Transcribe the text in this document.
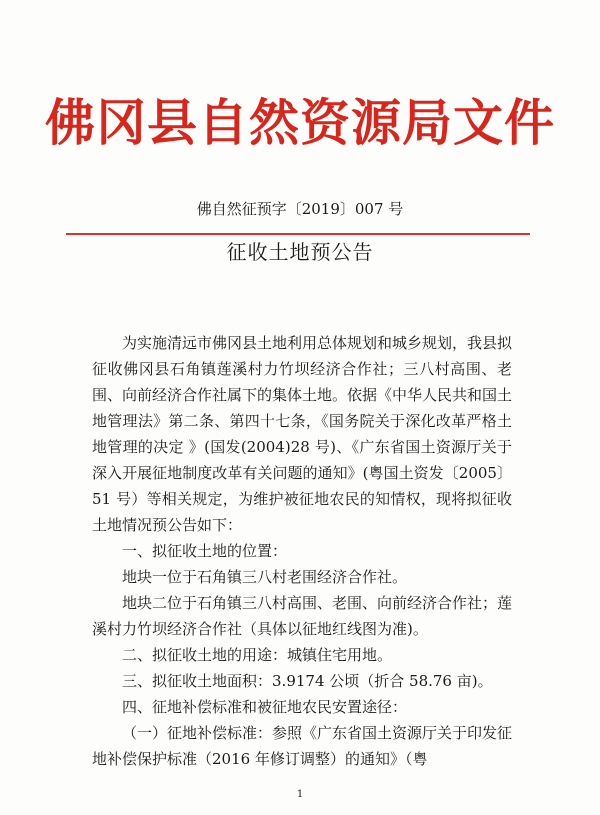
佛冈县自然资源局文件
佛自然征预字〔2019〕007 号
征收土地预公告

为实施清远市佛冈县土地利用总体规划和城乡规划，我县拟征收佛冈县石角镇莲溪村力竹坝经济合作社；三八村高围、老围、向前经济合作社属下的集体土地。依据《中华人民共和国土地管理法》第二条、第四十七条，《国务院关于深化改革严格土地管理的决定 》(国发(2004)28 号)、《广东省国土资源厅关于深入开展征地制度改革有关问题的通知》(粤国土资发〔2005〕51 号）等相关规定，为维护被征地农民的知情权，现将拟征收土地情况预公告如下：

一、拟征收土地的位置：

地块一位于石角镇三八村老围经济合作社。

地块二位于石角镇三八村高围、老围、向前经济合作社；莲溪村力竹坝经济合作社（具体以征地红线图为准)。

二、拟征收土地的用途：城镇住宅用地。

三、拟征收土地面积：3.9174 公顷（折合 58.76 亩)。

四、征地补偿标准和被征地农民安置途径：

（一）征地补偿标准：参照《广东省国土资源厅关于印发征地补偿保护标准（2016 年修订调整）的通知》（粤

1
